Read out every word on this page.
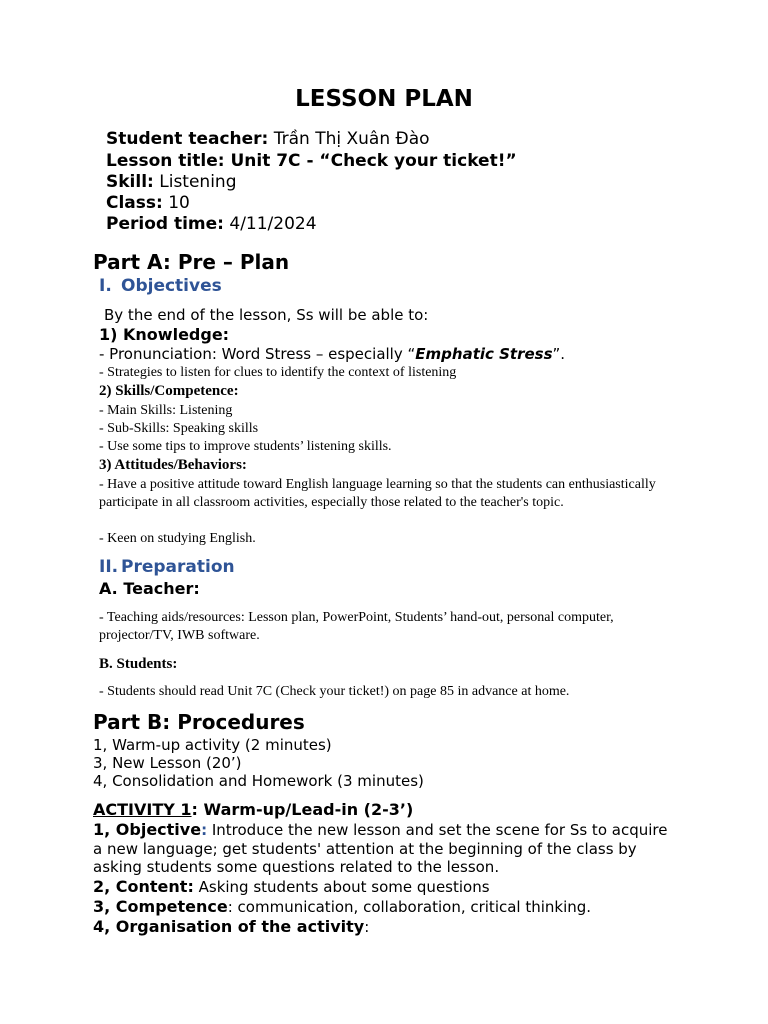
LESSON PLAN
Student teacher: Trần Thị Xuân Đào
Lesson title: Unit 7C - “Check your ticket!”
Skill: Listening
Class: 10
Period time: 4/11/2024
Part A: Pre – Plan
I. Objectives
By the end of the lesson, Ss will be able to:
1) Knowledge:
- Pronunciation: Word Stress – especially “Emphatic Stress”.
- Strategies to listen for clues to identify the context of listening
2) Skills/Competence:
- Main Skills: Listening
- Sub-Skills: Speaking skills
- Use some tips to improve students’ listening skills.
3) Attitudes/Behaviors:
- Have a positive attitude toward English language learning so that the students can enthusiastically participate in all classroom activities, especially those related to the teacher's topic.
- Keen on studying English.
II. Preparation
A. Teacher:
- Teaching aids/resources: Lesson plan, PowerPoint, Students’ hand-out, personal computer, projector/TV, IWB software.
B. Students:
- Students should read Unit 7C (Check your ticket!) on page 85 in advance at home.
Part B: Procedures
1, Warm-up activity (2 minutes)
3, New Lesson (20’)
4, Consolidation and Homework (3 minutes)
ACTIVITY 1: Warm-up/Lead-in (2-3’)
1, Objective: Introduce the new lesson and set the scene for Ss to acquire a new language; get students' attention at the beginning of the class by asking students some questions related to the lesson.
2, Content: Asking students about some questions
3, Competence: communication, collaboration, critical thinking.
4, Organisation of the activity:
